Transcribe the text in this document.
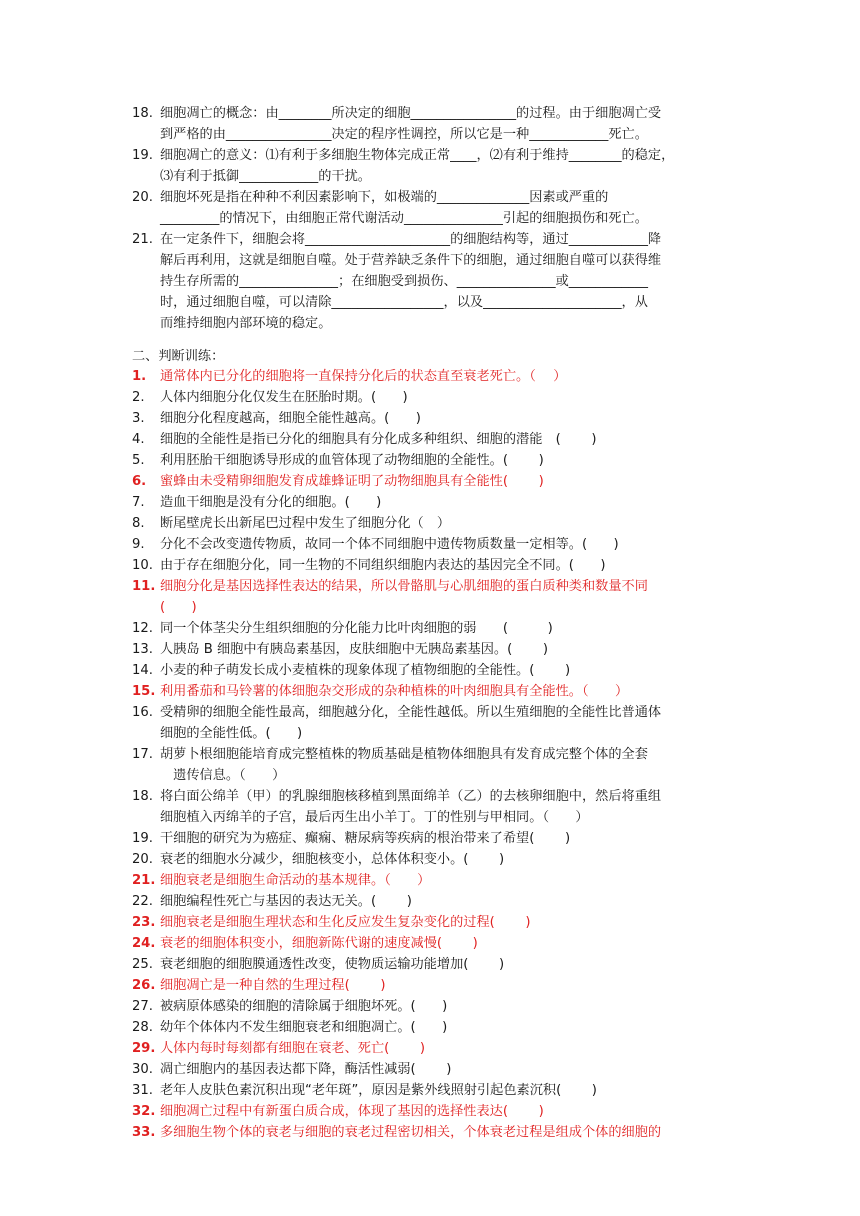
二、判断训练：
18. 细胞凋亡的概念：由________所决定的细胞________________的过程。由于细胞凋亡受
到严格的由________________决定的程序性调控，所以它是一种____________死亡。
19. 细胞凋亡的意义：⑴有利于多细胞生物体完成正常____，⑵有利于维持________的稳定，
⑶有利于抵御____________的干扰。
20. 细胞坏死是指在种种不利因素影响下，如极端的______________因素或严重的
_________的情况下，由细胞正常代谢活动_______________引起的细胞损伤和死亡。
21. 在一定条件下，细胞会将______________________的细胞结构等，通过____________降
解后再利用，这就是细胞自噬。处于营养缺乏条件下的细胞，通过细胞自噬可以获得维
持生存所需的_______________；在细胞受到损伤、_______________或____________
时，通过细胞自噬，可以清除_________________，以及_____________________，从
而维持细胞内部环境的稳定。
1.	通常体内已分化的细胞将一直保持分化后的状态直至衰老死亡。（　 ）
2.	人体内细胞分化仅发生在胚胎时期。(　　)
3.	细胞分化程度越高，细胞全能性越高。(　　)
4.	细胞的全能性是指已分化的细胞具有分化成多种组织、细胞的潜能　(　　 )
5.	利用胚胎干细胞诱导形成的血管体现了动物细胞的全能性。(　　 )
6.	蜜蜂由未受精卵细胞发育成雄蜂证明了动物细胞具有全能性(　　 )
7.	造血干细胞是没有分化的细胞。(　　)
8.	断尾壁虎长出新尾巴过程中发生了细胞分化（　）
9.	分化不会改变遗传物质，故同一个体不同细胞中遗传物质数量一定相等。(　　)
10. 由于存在细胞分化，同一生物的不同组织细胞内表达的基因完全不同。(　　)
11. 细胞分化是基因选择性表达的结果，所以骨骼肌与心肌细胞的蛋白质种类和数量不同
(　　)
12. 同一个体茎尖分生组织细胞的分化能力比叶肉细胞的弱　　(　　　)
13. 人胰岛 B 细胞中有胰岛素基因，皮肤细胞中无胰岛素基因。(　　 )
14. 小麦的种子萌发长成小麦植株的现象体现了植物细胞的全能性。(　　 )
15. 利用番茄和马铃薯的体细胞杂交形成的杂种植株的叶肉细胞具有全能性。（　　）
16. 受精卵的细胞全能性最高，细胞越分化，全能性越低。所以生殖细胞的全能性比普通体
细胞的全能性低。(　　)
17. 胡萝卜根细胞能培育成完整植株的物质基础是植物体细胞具有发育成完整个体的全套
　遗传信息。（　　）
18. 将白面公绵羊（甲）的乳腺细胞核移植到黑面绵羊（乙）的去核卵细胞中，然后将重组
细胞植入丙绵羊的子宫，最后丙生出小羊丁。丁的性别与甲相同。（　　）
19. 干细胞的研究为为癌症、癫痫、糖尿病等疾病的根治带来了希望(　　 )
20. 衰老的细胞水分减少，细胞核变小，总体体积变小。(　　 )
21. 细胞衰老是细胞生命活动的基本规律。（　　）
22. 细胞编程性死亡与基因的表达无关。(　　 )
23. 细胞衰老是细胞生理状态和生化反应发生复杂变化的过程(　　 )
24. 衰老的细胞体积变小，细胞新陈代谢的速度减慢(　　 )
25. 衰老细胞的细胞膜通透性改变，使物质运输功能增加(　　 )
26. 细胞凋亡是一种自然的生理过程(　　 )
27. 被病原体感染的细胞的清除属于细胞坏死。(　　)
28. 幼年个体体内不发生细胞衰老和细胞凋亡。(　　)
29. 人体内每时每刻都有细胞在衰老、死亡(　　 )
30. 凋亡细胞内的基因表达都下降，酶活性减弱(　　 )
31. 老年人皮肤色素沉积出现“老年斑”，原因是紫外线照射引起色素沉积(　　 )
32. 细胞凋亡过程中有新蛋白质合成，体现了基因的选择性表达(　　 )
33. 多细胞生物个体的衰老与细胞的衰老过程密切相关，个体衰老过程是组成个体的细胞的
